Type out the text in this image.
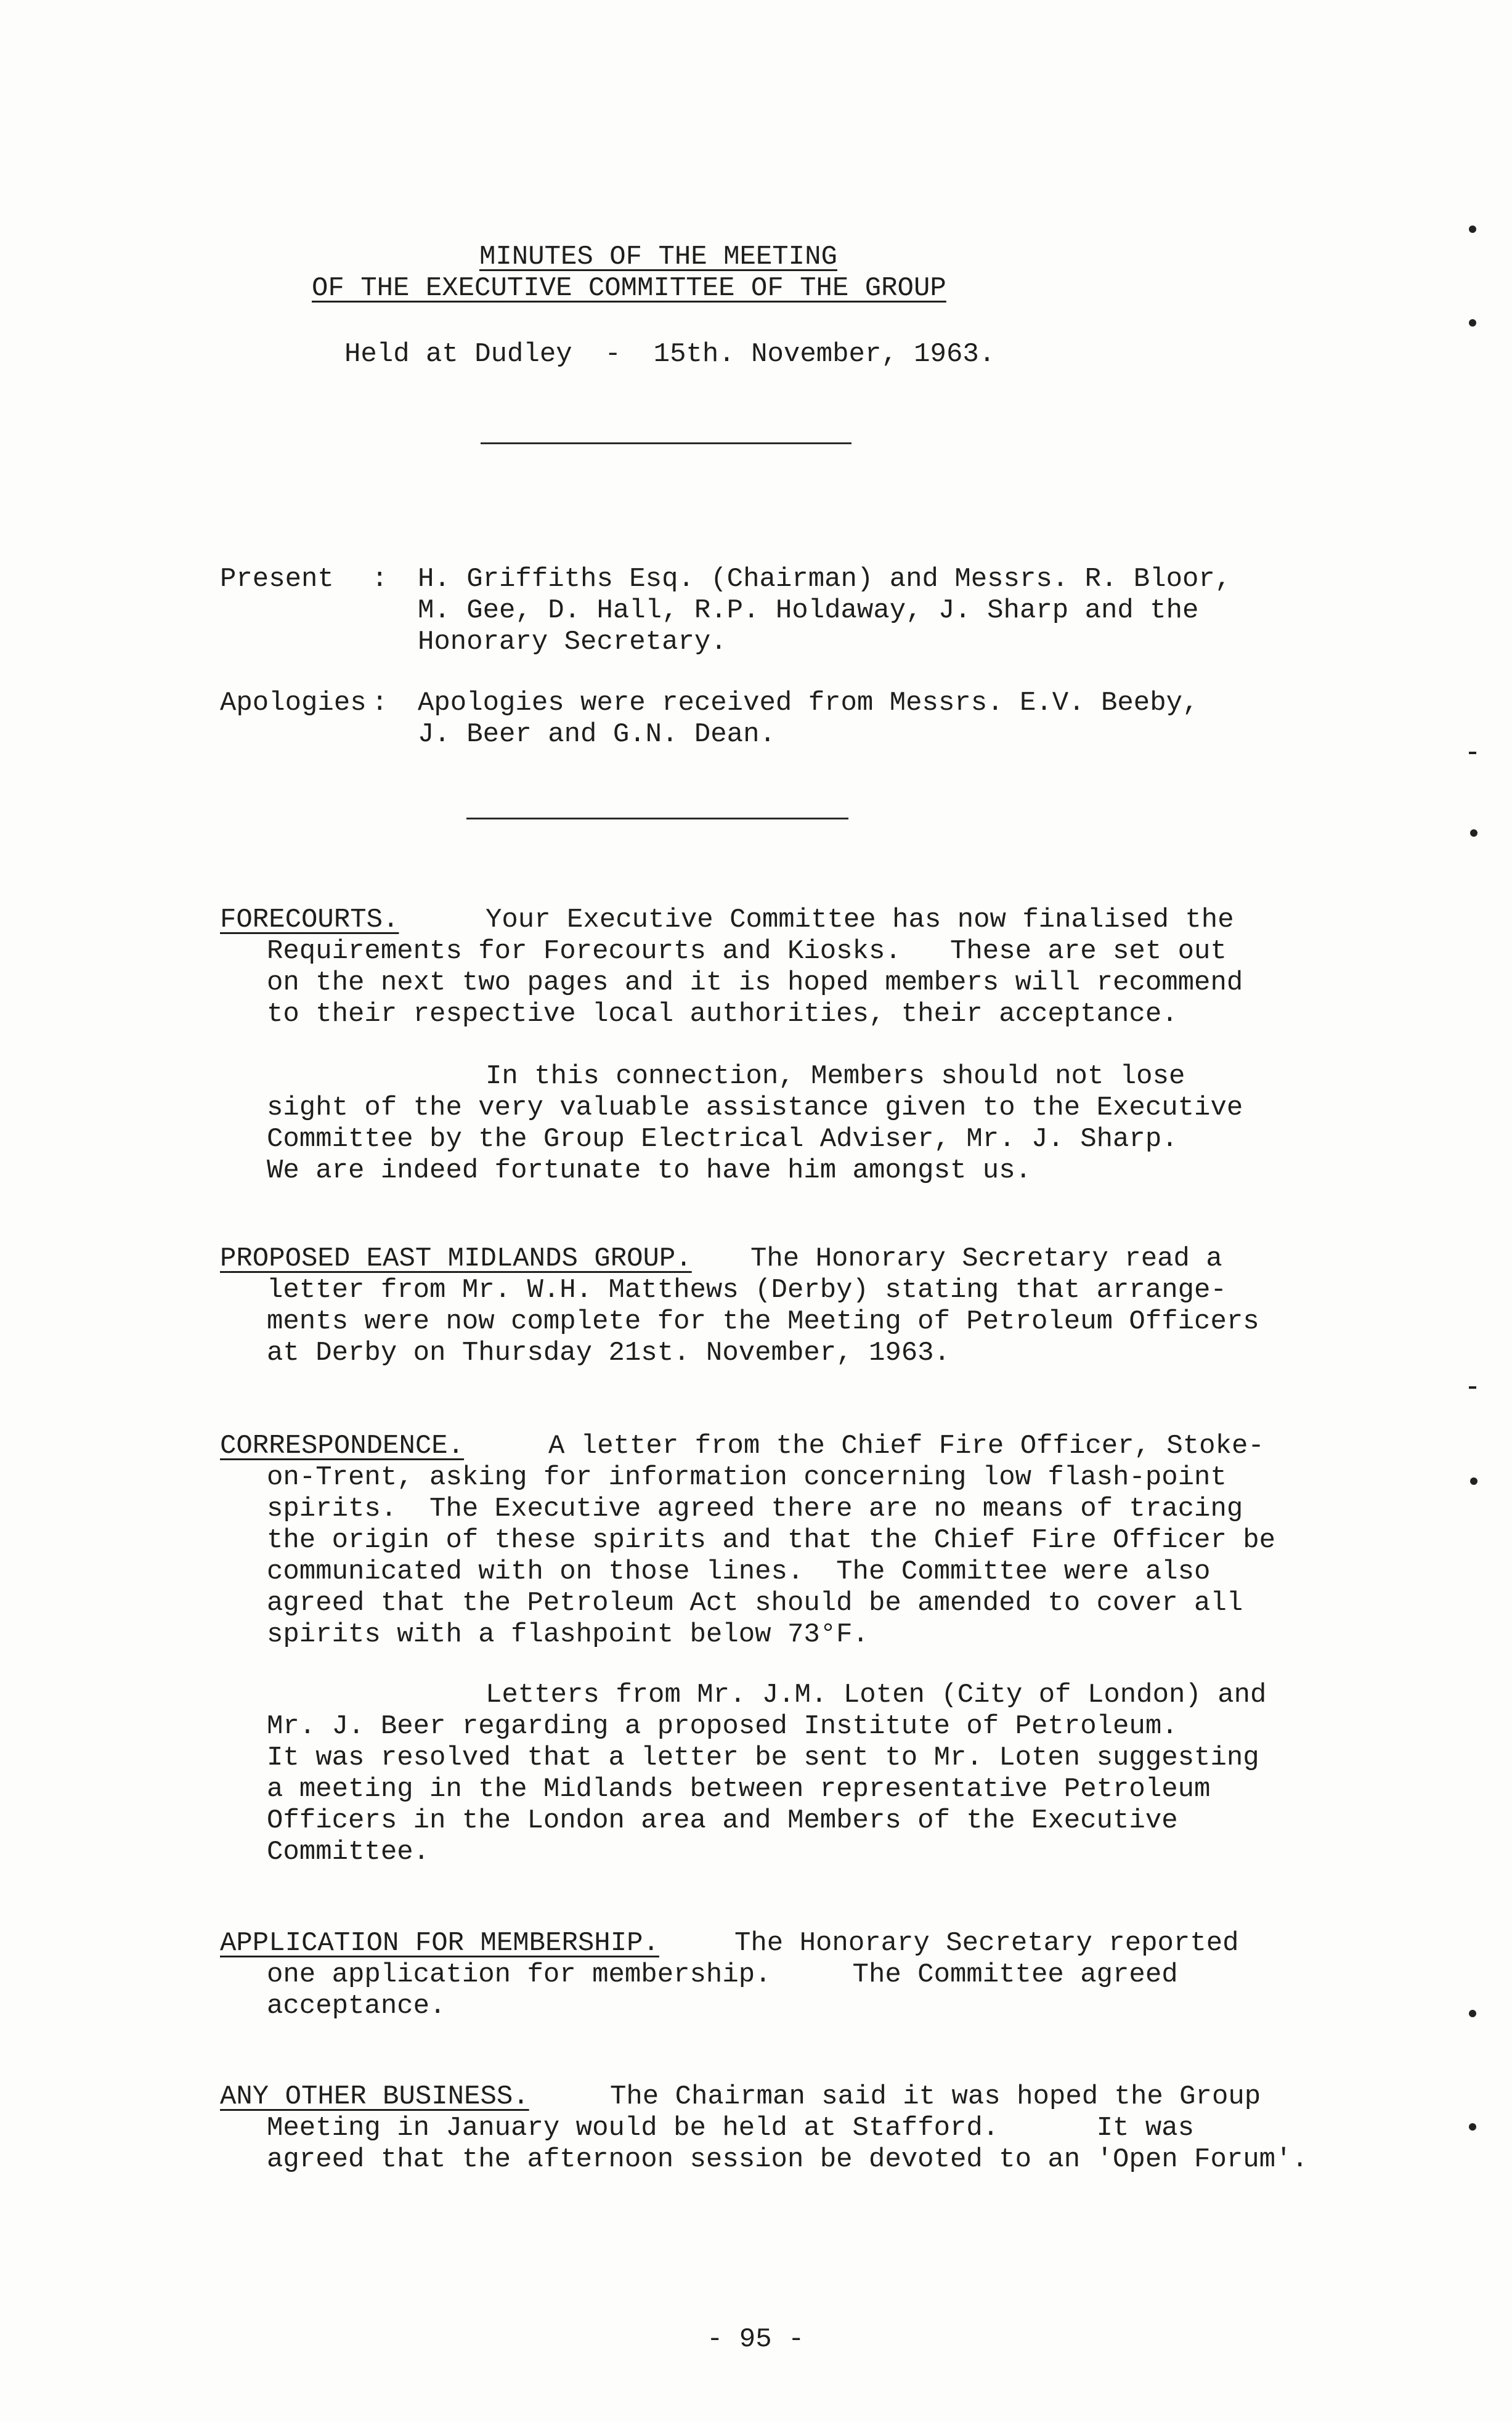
MINUTES OF THE MEETING
OF THE EXECUTIVE COMMITTEE OF THE GROUP
Held at Dudley  -  15th. November, 1963.
Present : H. Griffiths Esq. (Chairman) and Messrs. R. Bloor,
M. Gee, D. Hall, R.P. Holdaway, J. Sharp and the
Honorary Secretary.
Apologies : Apologies were received from Messrs. E.V. Beeby,
J. Beer and G.N. Dean.
FORECOURTS.	Your Executive Committee has now finalised the
Requirements for Forecourts and Kiosks.   These are set out
on the next two pages and it is hoped members will recommend
to their respective local authorities, their acceptance.
In this connection, Members should not lose
sight of the very valuable assistance given to the Executive
Committee by the Group Electrical Adviser, Mr. J. Sharp.
We are indeed fortunate to have him amongst us.
PROPOSED EAST MIDLANDS GROUP. The Honorary Secretary read a
letter from Mr. W.H. Matthews (Derby) stating that arrange-
ments were now complete for the Meeting of Petroleum Officers
at Derby on Thursday 21st. November, 1963.
CORRESPONDENCE.	A letter from the Chief Fire Officer, Stoke-
on-Trent, asking for information concerning low flash-point
spirits.  The Executive agreed there are no means of tracing
the origin of these spirits and that the Chief Fire Officer be
communicated with on those lines.  The Committee were also
agreed that the Petroleum Act should be amended to cover all
spirits with a flashpoint below 73°F.
Letters from Mr. J.M. Loten (City of London) and
Mr. J. Beer regarding a proposed Institute of Petroleum.
It was resolved that a letter be sent to Mr. Loten suggesting
a meeting in the Midlands between representative Petroleum
Officers in the London area and Members of the Executive
Committee.
APPLICATION FOR MEMBERSHIP.	The Honorary Secretary reported
one application for membership.     The Committee agreed
acceptance.
ANY OTHER BUSINESS.	The Chairman said it was hoped the Group
Meeting in January would be held at Stafford.      It was
agreed that the afternoon session be devoted to an 'Open Forum'.
- 95 -
